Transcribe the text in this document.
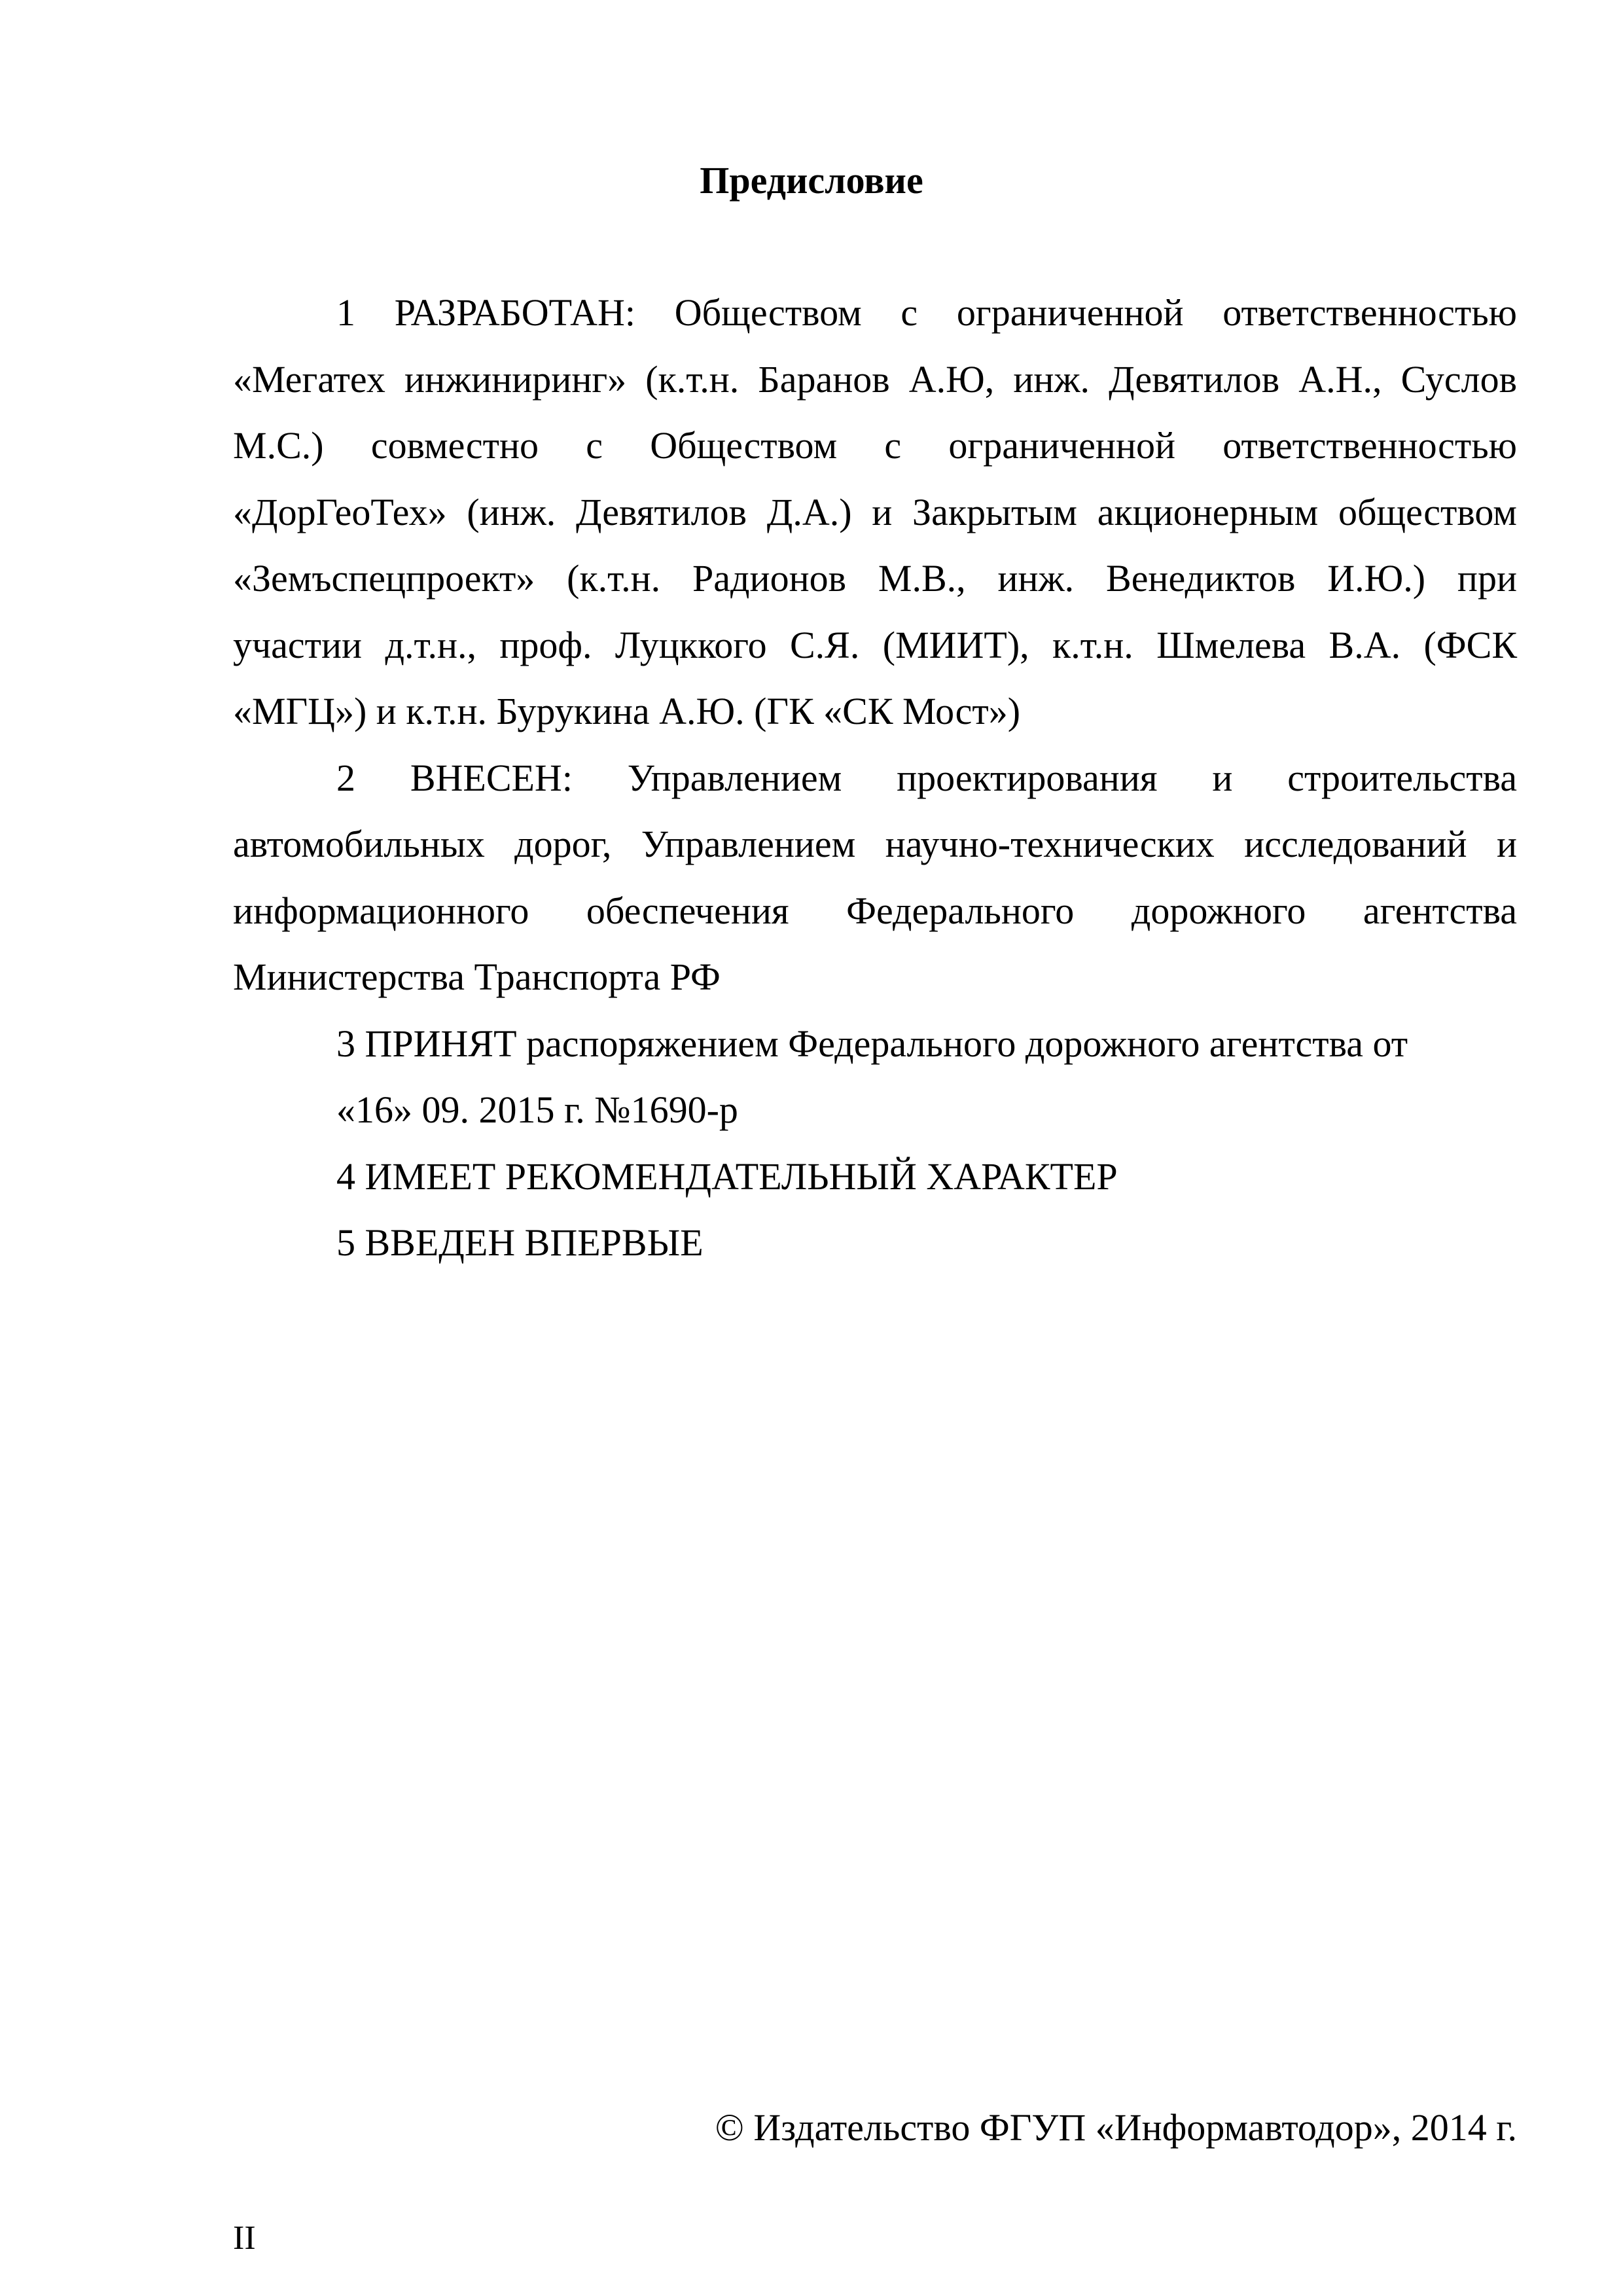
Предисловие
1 РАЗРАБОТАН: Обществом с ограниченной ответственностью
«Мегатех инжиниринг» (к.т.н. Баранов А.Ю, инж. Девятилов А.Н., Суслов
М.С.) совместно с Обществом с ограниченной ответственностью
«ДорГеоТех» (инж. Девятилов Д.А.) и Закрытым акционерным обществом
«Земъспецпроект» (к.т.н. Радионов М.В., инж. Венедиктов И.Ю.) при
участии д.т.н., проф. Луцккого С.Я. (МИИТ), к.т.н. Шмелева В.А. (ФСК
«МГЦ») и к.т.н. Бурукина А.Ю. (ГК «СК Мост»)
2 ВНЕСЕН: Управлением проектирования и строительства
автомобильных дорог, Управлением научно-технических исследований и
информационного обеспечения Федерального дорожного агентства
Министерства Транспорта РФ
3 ПРИНЯТ распоряжением Федерального дорожного агентства от
«16» 09. 2015 г. №1690-р
4 ИМЕЕТ РЕКОМЕНДАТЕЛЬНЫЙ ХАРАКТЕР
5 ВВЕДЕН ВПЕРВЫЕ
© Издательство ФГУП «Информавтодор», 2014 г.
II
